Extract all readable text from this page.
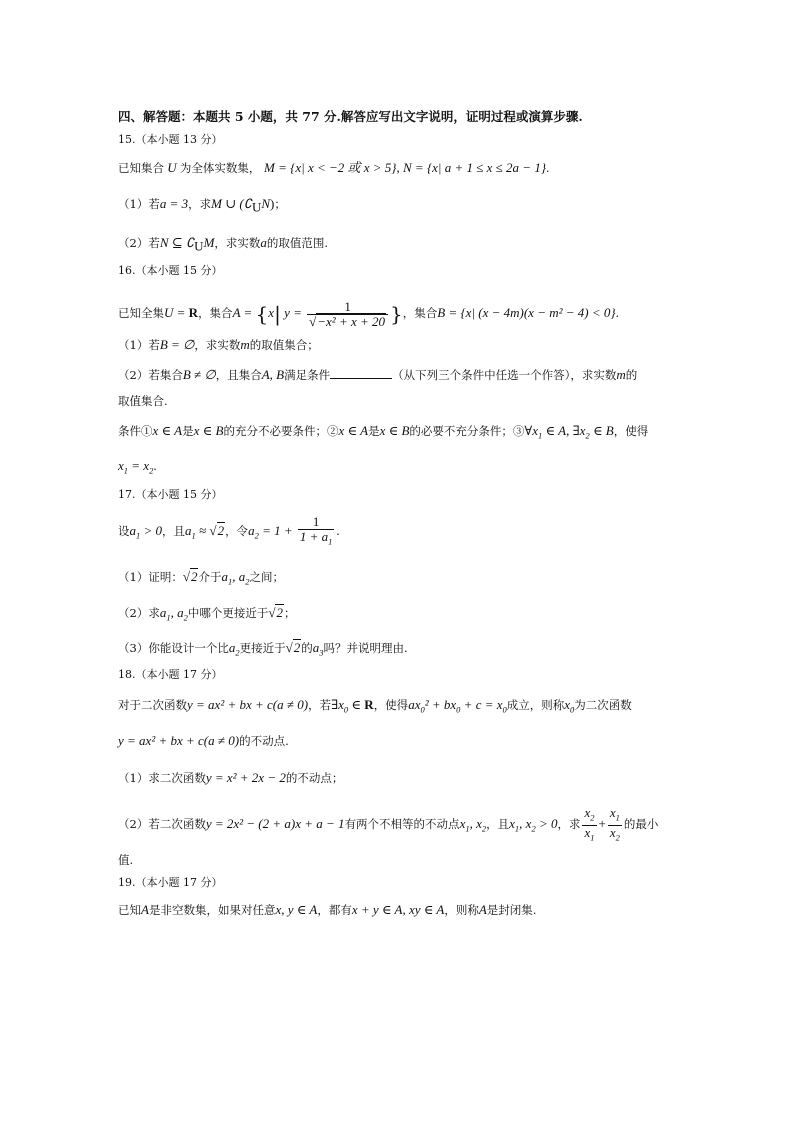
四、解答题：本题共 5 小题，共 77 分.解答应写出文字说明，证明过程或演算步骤.
15.（本小题 13 分）
已知集合 U 为全体实数集， M = {x| x < −2 或 x > 5}, N = {x| a + 1 ≤ x ≤ 2a − 1}.
（1）若a = 3，求M ∪ $(∁_UN)$；
（2）若N ⊆ $∁_UM$，求实数a的取值范围.
16.（本小题 15 分）
已知全集U = R，集合A = {x| $y = \frac{1}{\text{√−x² + x + 20}}$ }，集合B = {x| (x − 4m)(x − m² − 4) < 0}.
（1）若B = ∅，求实数m的取值集合；
（2）若集合B ≠ ∅，且集合A, B满足条件	（从下列三个条件中任选一个作答），求实数m的
取值集合.
条件①x ∈ A是x ∈ B的充分不必要条件；②x ∈ A是x ∈ B的必要不充分条件；$③\forall x_1$ ∈ A, $\exists x_2$ ∈ B，使得
$x_1 = x_2$.
17.（本小题 15 分）
设$a_1 > 0$，且$a_1 \approx √2$，令$a_2 = 1 + \frac{1}{1 + a_1}$ .
（1）证明：√2介于$a_1$, $a_2$之间；
（2）求$a_1$, $a_2$中哪个更接近于√2；
（3）你能设计一个比$a_2$更接近于√2的$a_3$吗？并说明理由.
18.（本小题 17 分）
对于二次函数y = ax² + bx + c(a ≠ 0)，若$\exists x_0$ ∈ R，使得$ax_0^2 + bx_0 + c = x_0$成立，则称$x_0$为二次函数
y = ax² + bx + c(a ≠ 0)的不动点.
（1）求二次函数y = x² + 2x − 2的不动点；
（2）若二次函数y = 2x² − (2 + a)x + a − 1有两个不相等的不动点$x_1$, $x_2$，且$x_1$, $x_2 > 0$，求 $\frac{x_2}{x_1} + \frac{x_1}{x_2}$ 的最小
值.
19.（本小题 17 分）
已知A是非空数集，如果对任意x, y ∈ A，都有x + y ∈ A, xy ∈ A，则称A是封闭集.
